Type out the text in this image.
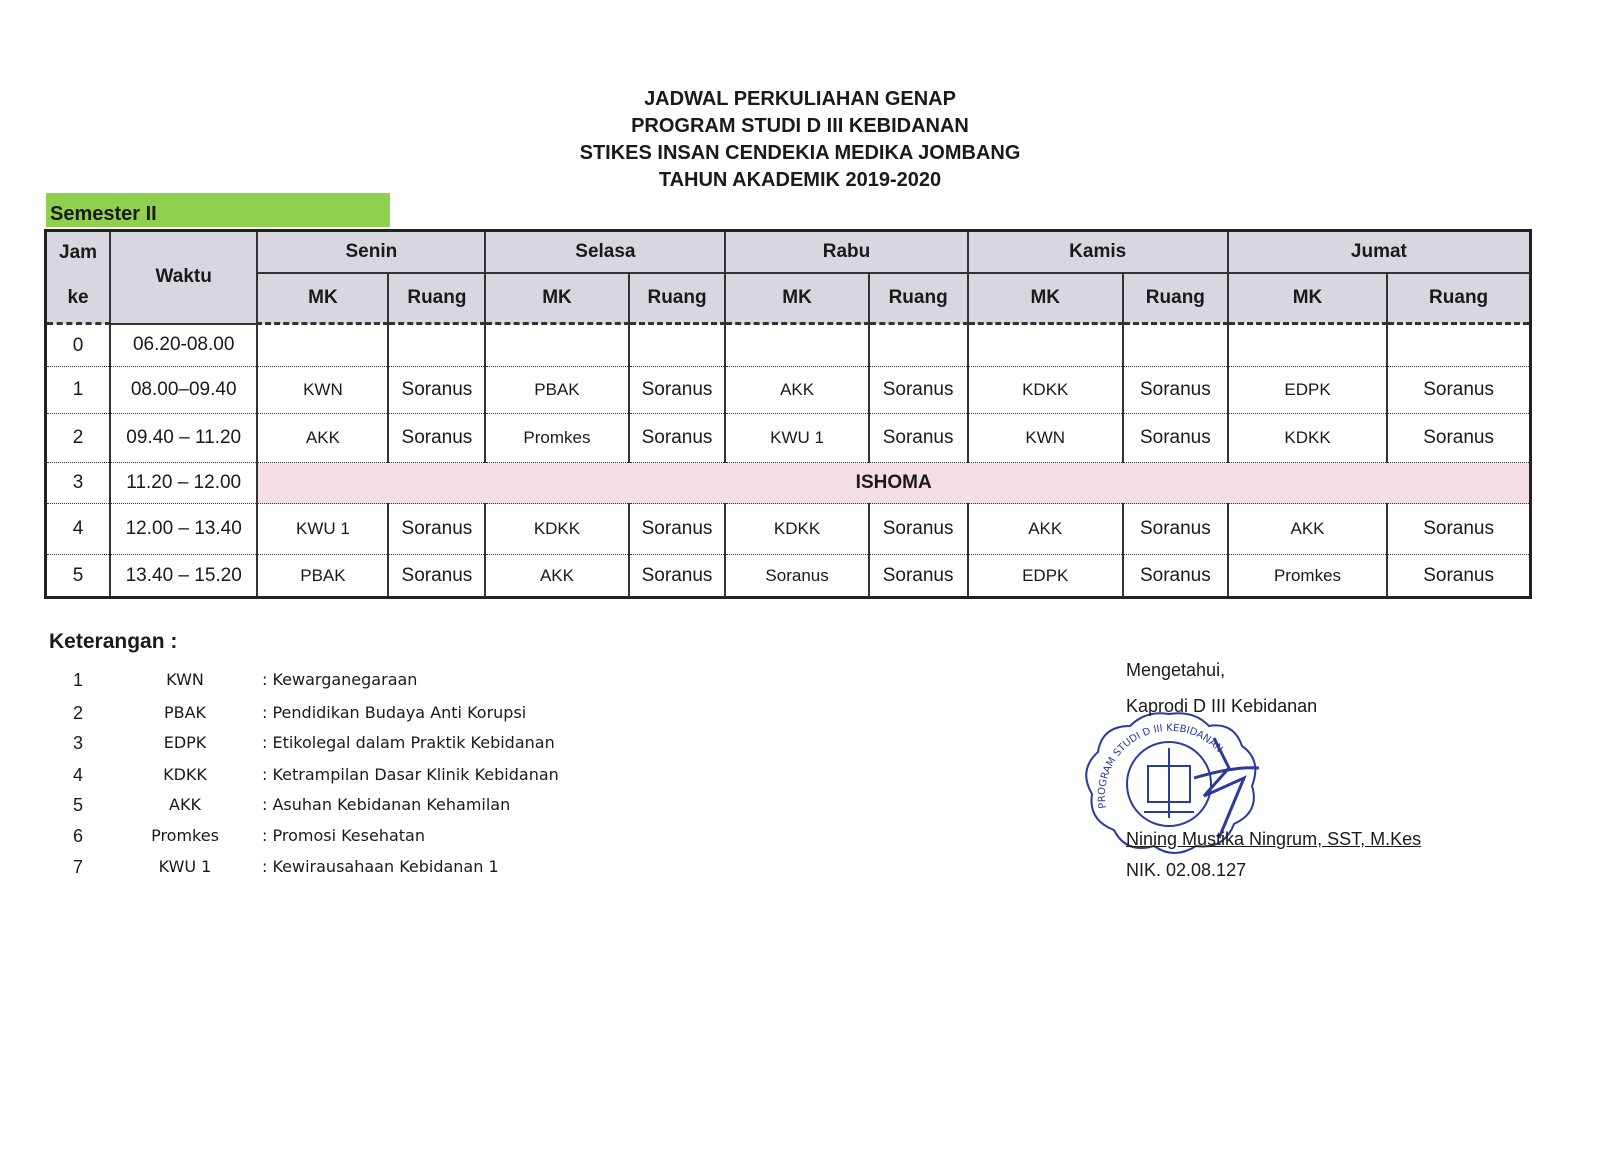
JADWAL PERKULIAHAN GENAP
PROGRAM STUDI D III KEBIDANAN
STIKES INSAN CENDEKIA MEDIKA JOMBANG
TAHUN AKADEMIK 2019-2020
Semester II
Jam	Waktu	Senin		Selasa		Rabu		Kamis		Jumat	
ke		MK	Ruang	MK	Ruang	MK	Ruang	MK	Ruang	MK	Ruang
0	06.20-08.00										
1	08.00–09.40	KWN	Soranus	PBAK	Soranus	AKK	Soranus	KDKK	Soranus	EDPK	Soranus
2	09.40 – 11.20	AKK	Soranus	Promkes	Soranus	KWU 1	Soranus	KWN	Soranus	KDKK	Soranus
3	11.20 – 12.00	ISHOMA									
4	12.00 – 13.40	KWU 1	Soranus	KDKK	Soranus	KDKK	Soranus	AKK	Soranus	AKK	Soranus
5	13.40 – 15.20	PBAK	Soranus	AKK	Soranus	Soranus	Soranus	EDPK	Soranus	Promkes	Soranus
Keterangan :
1	KWN	: Kewarganegaraan
2	PBAK	: Pendidikan Budaya Anti Korupsi
3	EDPK	: Etikolegal dalam Praktik Kebidanan
4	KDKK	: Ketrampilan Dasar Klinik Kebidanan
5	AKK	: Asuhan Kebidanan Kehamilan
6	Promkes	: Promosi Kesehatan
7	KWU 1	: Kewirausahaan Kebidanan 1
PROGRAM STUDI D III KEBIDANAN
Mengetahui,
Kaprodi D III Kebidanan
Nining Mustika Ningrum, SST, M.Kes
NIK. 02.08.127
